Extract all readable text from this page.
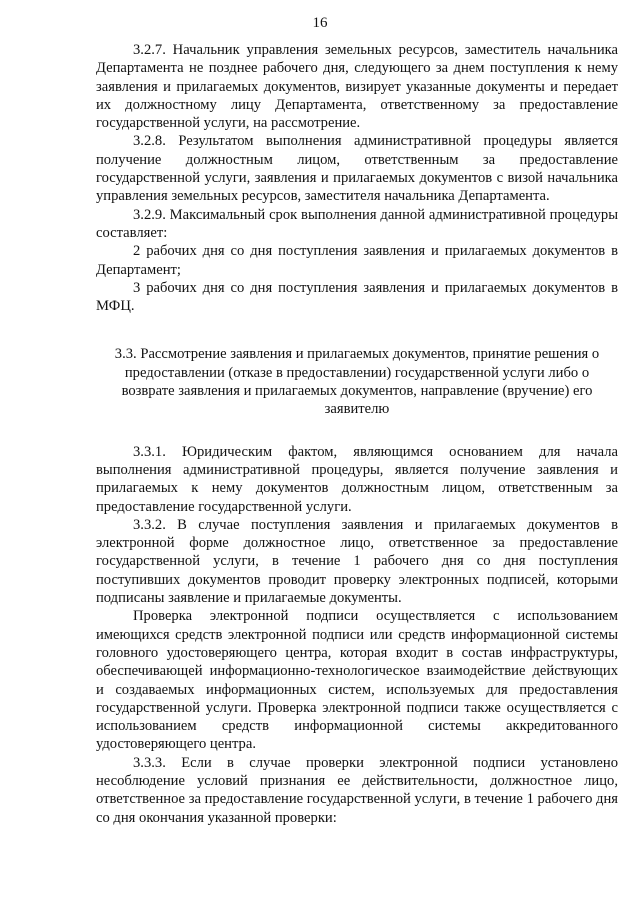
16

3.2.7. Начальник управления земельных ресурсов, заместитель начальника Департамента не позднее рабочего дня, следующего за днем поступления к нему заявления и прилагаемых документов, визирует указанные документы и передает их должностному лицу Департамента, ответственному за предоставление государственной услуги, на рассмотрение.

3.2.8. Результатом выполнения административной процедуры является получение должностным лицом, ответственным за предоставление государственной услуги, заявления и прилагаемых документов с визой начальника управления земельных ресурсов, заместителя начальника Департамента.

3.2.9. Максимальный срок выполнения данной административной процедуры составляет:

2 рабочих дня со дня поступления заявления и прилагаемых документов в Департамент;

3 рабочих дня со дня поступления заявления и прилагаемых документов в МФЦ.

3.3. Рассмотрение заявления и прилагаемых документов, принятие решения о предоставлении (отказе в предоставлении) государственной услуги либо о возврате заявления и прилагаемых документов, направление (вручение) его заявителю

3.3.1. Юридическим фактом, являющимся основанием для начала выполнения административной процедуры, является получение заявления и прилагаемых к нему документов должностным лицом, ответственным за предоставление государственной услуги.

3.3.2. В случае поступления заявления и прилагаемых документов в электронной форме должностное лицо, ответственное за предоставление государственной услуги, в течение 1 рабочего дня со дня поступления поступивших документов проводит проверку электронных подписей, которыми подписаны заявление и прилагаемые документы.

Проверка электронной подписи осуществляется с использованием имеющихся средств электронной подписи или средств информационной системы головного удостоверяющего центра, которая входит в состав инфраструктуры, обеспечивающей информационно-технологическое взаимодействие действующих и создаваемых информационных систем, используемых для предоставления государственной услуги. Проверка электронной подписи также осуществляется с использованием средств информационной системы аккредитованного удостоверяющего центра.

3.3.3. Если в случае проверки электронной подписи установлено несоблюдение условий признания ее действительности, должностное лицо, ответственное за предоставление государственной услуги, в течение 1 рабочего дня со дня окончания указанной проверки:
